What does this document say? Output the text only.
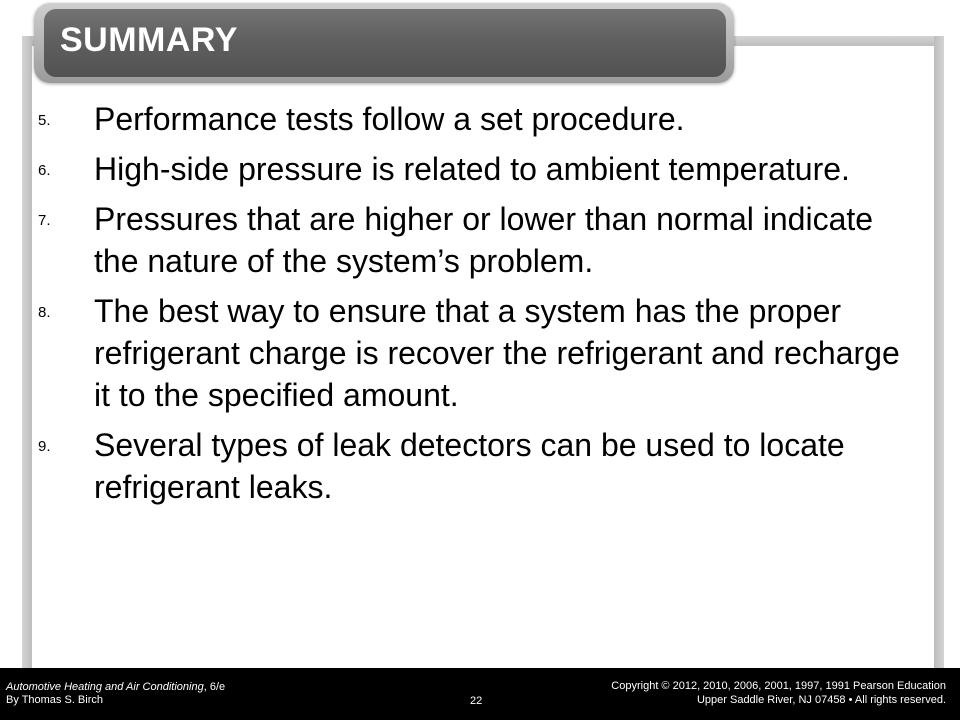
SUMMARY
5.	Performance tests follow a set procedure.
6.	High-side pressure is related to ambient temperature.
7.	Pressures that are higher or lower than normal indicate the nature of the system’s problem.
8.	The best way to ensure that a system has the proper refrigerant charge is recover the refrigerant and recharge it to the specified amount.
9.	Several types of leak detectors can be used to locate refrigerant leaks.
Automotive Heating and Air Conditioning, 6/e
By Thomas S. Birch	22
Copyright © 2012, 2010, 2006, 2001, 1997, 1991 Pearson Education
Upper Saddle River, NJ 07458 • All rights reserved.
